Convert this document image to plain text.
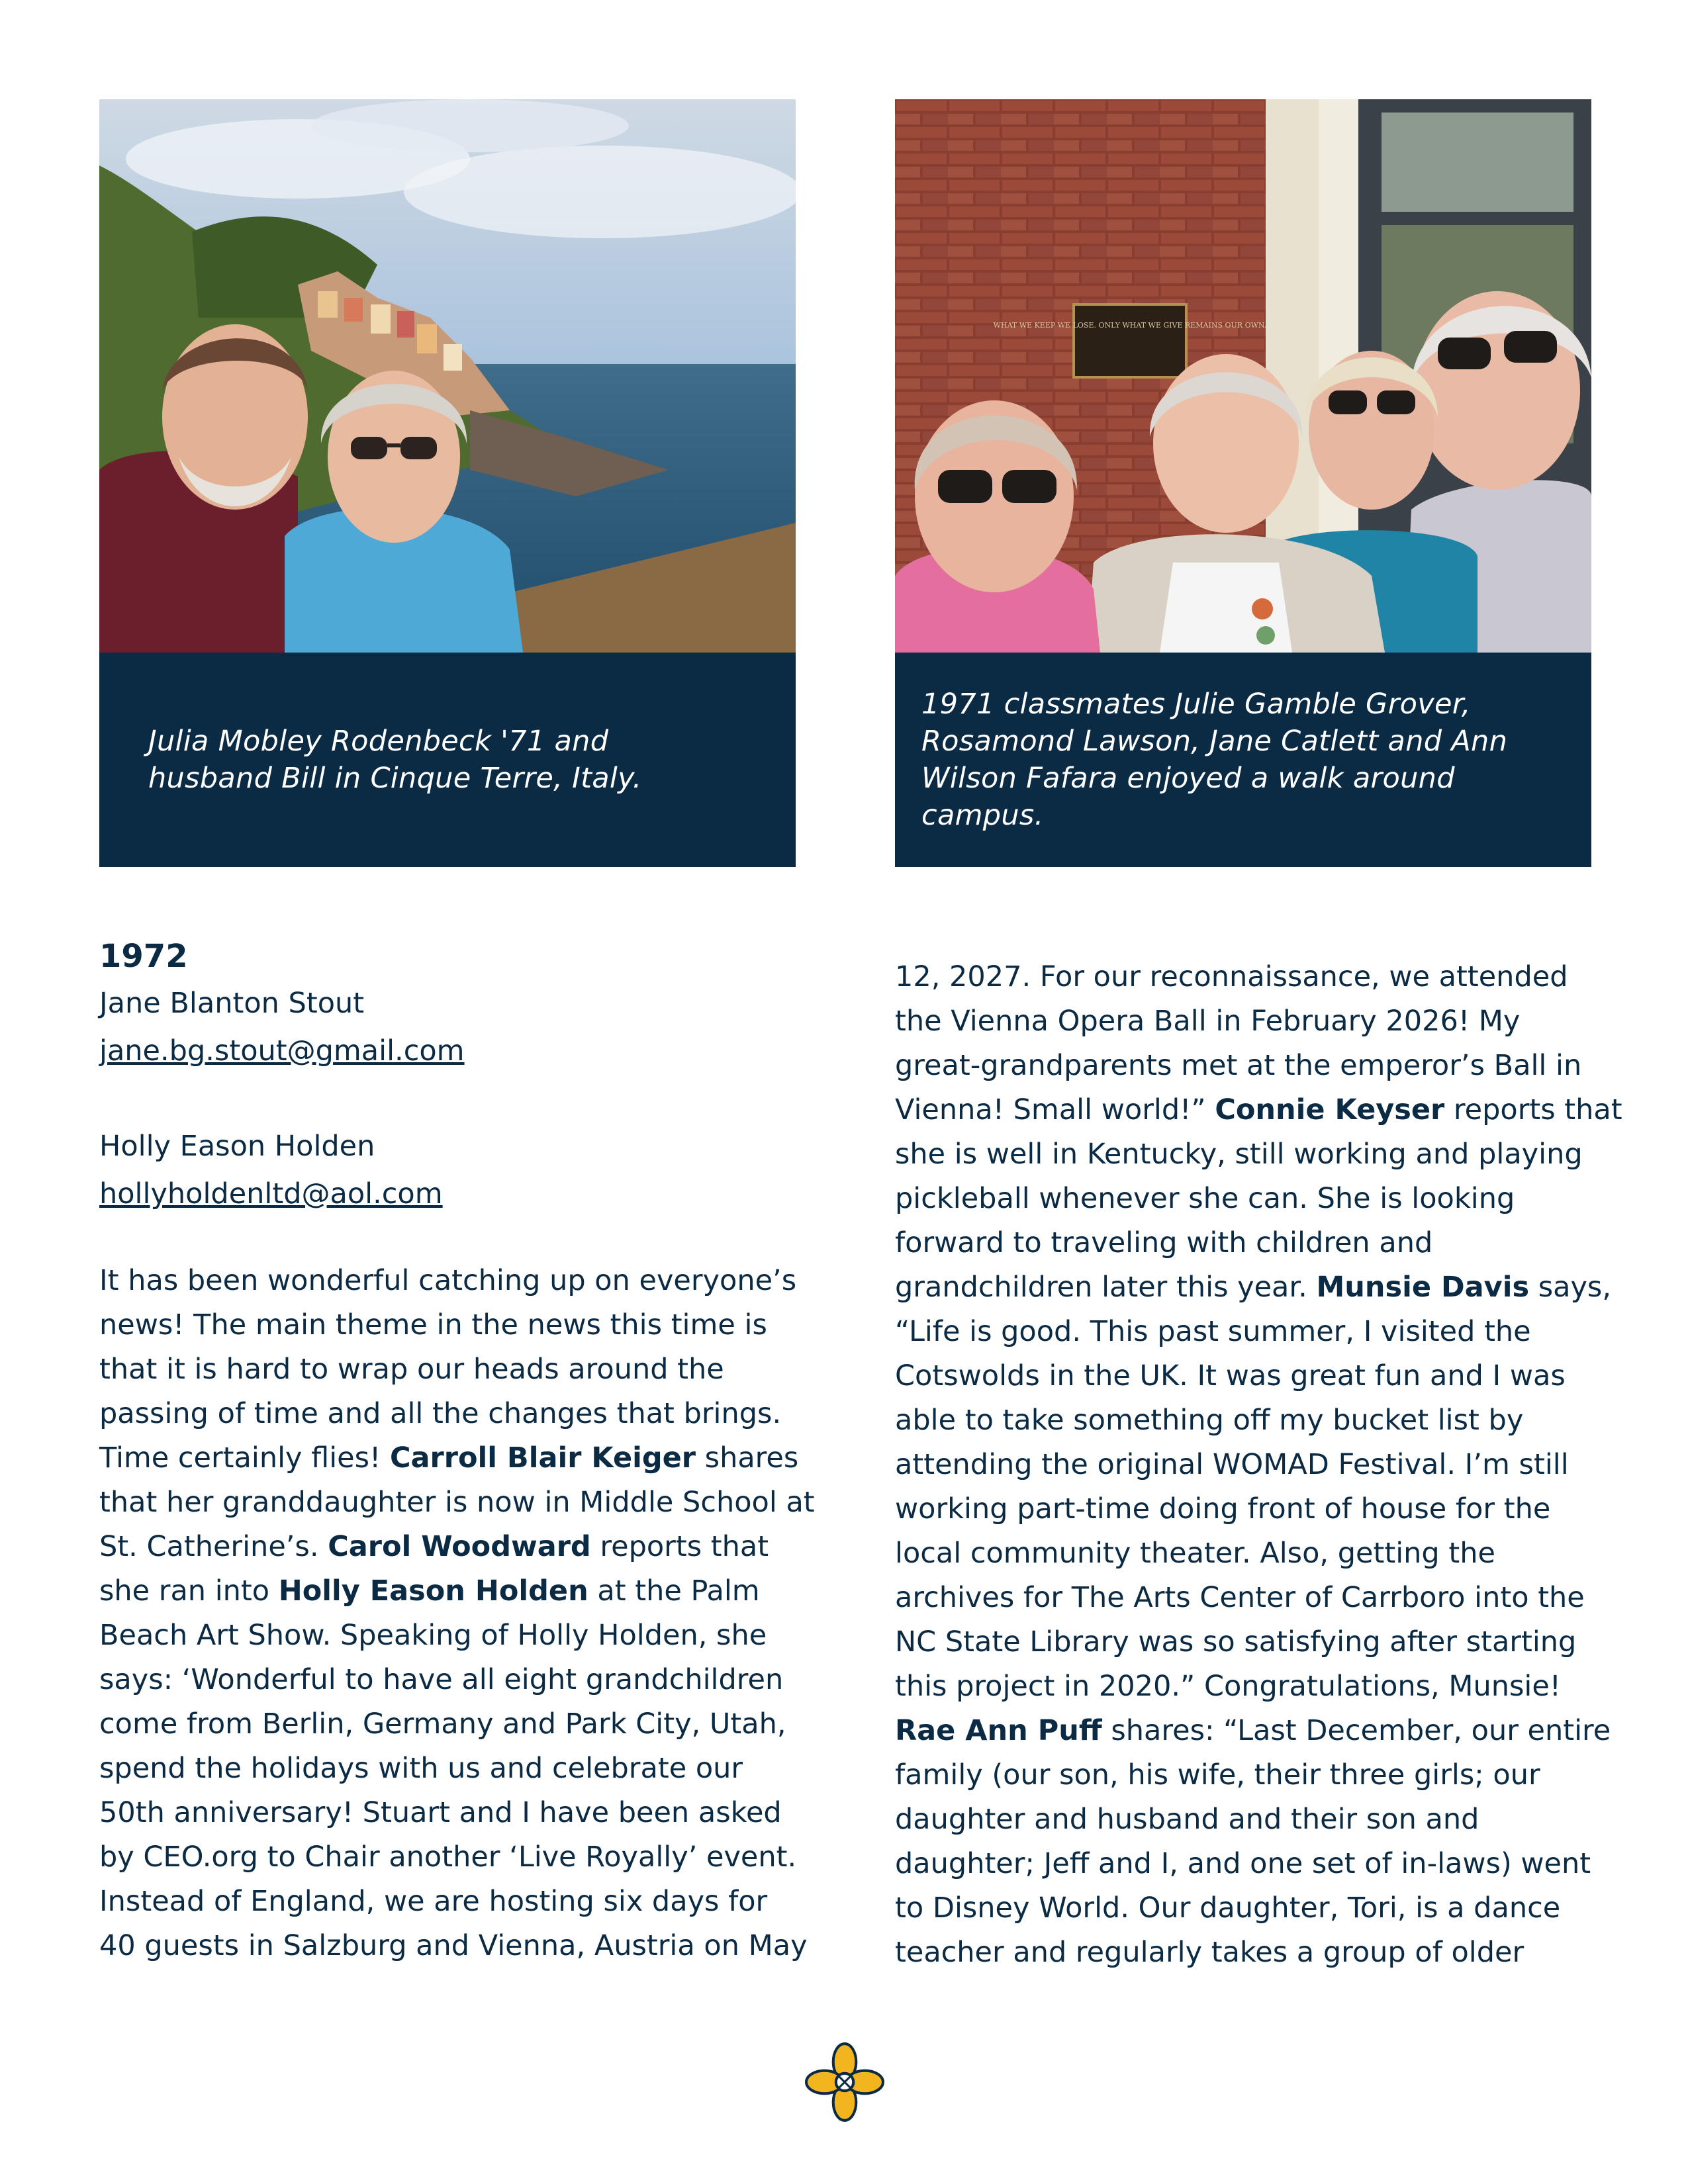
WHAT WE KEEP WE LOSE. ONLY WHAT WE GIVE REMAINS OUR OWN.

Julia Mobley Rodenbeck '71 and
husband Bill in Cinque Terre, Italy.

1971 classmates Julie Gamble Grover,
Rosamond Lawson, Jane Catlett and Ann
Wilson Fafara enjoyed a walk around
campus.

1972

Jane Blanton Stout

jane.bg.stout@gmail.com

Holly Eason Holden

hollyholdenltd@aol.com

It has been wonderful catching up on everyone’s
news! The main theme in the news this time is
that it is hard to wrap our heads around the
passing of time and all the changes that brings.
Time certainly flies! Carroll Blair Keiger shares
that her granddaughter is now in Middle School at
St. Catherine’s. Carol Woodward reports that
she ran into Holly Eason Holden at the Palm
Beach Art Show. Speaking of Holly Holden, she
says: ‘Wonderful to have all eight grandchildren
come from Berlin, Germany and Park City, Utah,
spend the holidays with us and celebrate our
50th anniversary! Stuart and I have been asked
by CEO.org to Chair another ‘Live Royally’ event.
Instead of England, we are hosting six days for
40 guests in Salzburg and Vienna, Austria on May
12, 2027. For our reconnaissance, we attended
the Vienna Opera Ball in February 2026! My
great-grandparents met at the emperor’s Ball in
Vienna! Small world!” Connie Keyser reports that
she is well in Kentucky, still working and playing
pickleball whenever she can. She is looking
forward to traveling with children and
grandchildren later this year. Munsie Davis says,
“Life is good. This past summer, I visited the
Cotswolds in the UK. It was great fun and I was
able to take something off my bucket list by
attending the original WOMAD Festival. I’m still
working part-time doing front of house for the
local community theater. Also, getting the
archives for The Arts Center of Carrboro into the
NC State Library was so satisfying after starting
this project in 2020.” Congratulations, Munsie!
Rae Ann Puff shares: “Last December, our entire
family (our son, his wife, their three girls; our
daughter and husband and their son and
daughter; Jeff and I, and one set of in-laws) went
to Disney World. Our daughter, Tori, is a dance
teacher and regularly takes a group of older
